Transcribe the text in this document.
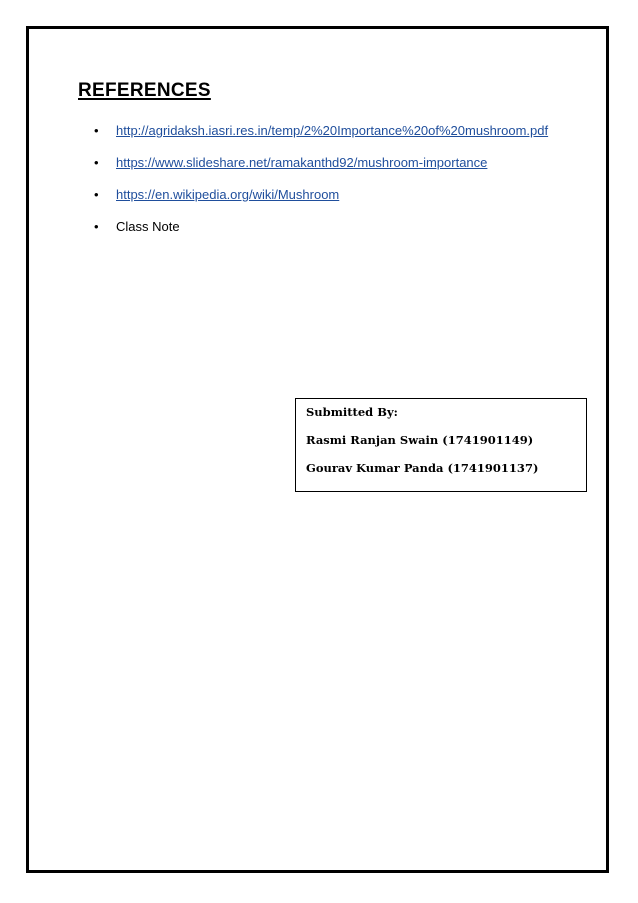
REFERENCES
• http://agridaksh.iasri.res.in/temp/2%20Importance%20of%20mushroom.pdf
• https://www.slideshare.net/ramakanthd92/mushroom-importance
• https://en.wikipedia.org/wiki/Mushroom
• Class Note
Submitted By:
Rasmi Ranjan Swain (1741901149)
Gourav Kumar Panda (1741901137)
